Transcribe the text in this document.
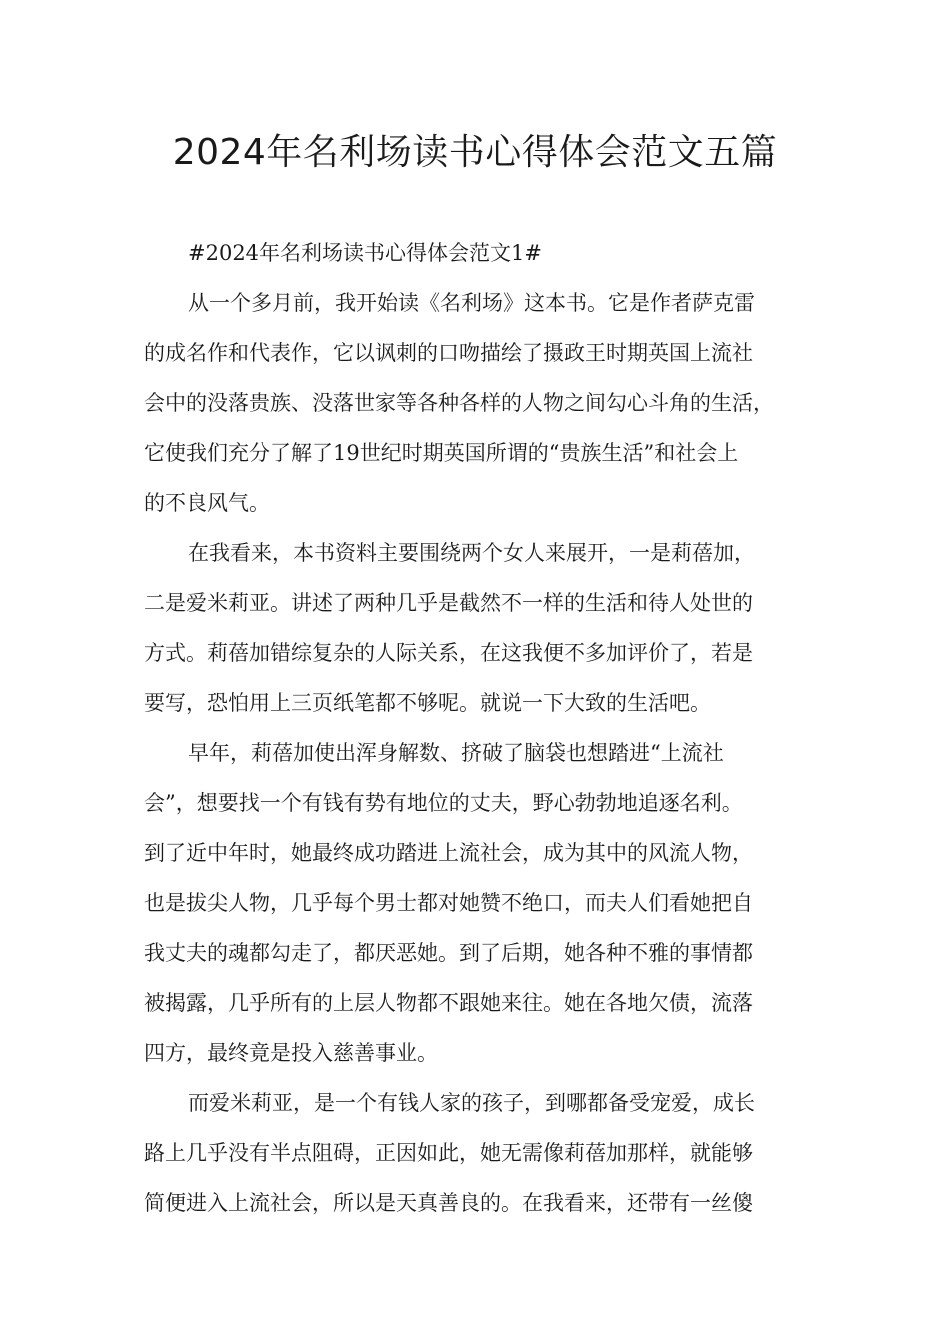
2024年名利场读书心得体会范文五篇

#2024年名利场读书心得体会范文1#

从一个多月前，我开始读《名利场》这本书。它是作者萨克雷
的成名作和代表作，它以讽刺的口吻描绘了摄政王时期英国上流社
会中的没落贵族、没落世家等各种各样的人物之间勾心斗角的生活，
它使我们充分了解了19世纪时期英国所谓的“贵族生活”和社会上
的不良风气。

在我看来，本书资料主要围绕两个女人来展开，一是莉蓓加，
二是爱米莉亚。讲述了两种几乎是截然不一样的生活和待人处世的
方式。莉蓓加错综复杂的人际关系，在这我便不多加评价了，若是
要写，恐怕用上三页纸笔都不够呢。就说一下大致的生活吧。

早年，莉蓓加使出浑身解数、挤破了脑袋也想踏进“上流社
会”，想要找一个有钱有势有地位的丈夫，野心勃勃地追逐名利。
到了近中年时，她最终成功踏进上流社会，成为其中的风流人物，
也是拔尖人物，几乎每个男士都对她赞不绝口，而夫人们看她把自
我丈夫的魂都勾走了，都厌恶她。到了后期，她各种不雅的事情都
被揭露，几乎所有的上层人物都不跟她来往。她在各地欠债，流落
四方，最终竟是投入慈善事业。

而爱米莉亚，是一个有钱人家的孩子，到哪都备受宠爱，成长
路上几乎没有半点阻碍，正因如此，她无需像莉蓓加那样，就能够
简便进入上流社会，所以是天真善良的。在我看来，还带有一丝傻
